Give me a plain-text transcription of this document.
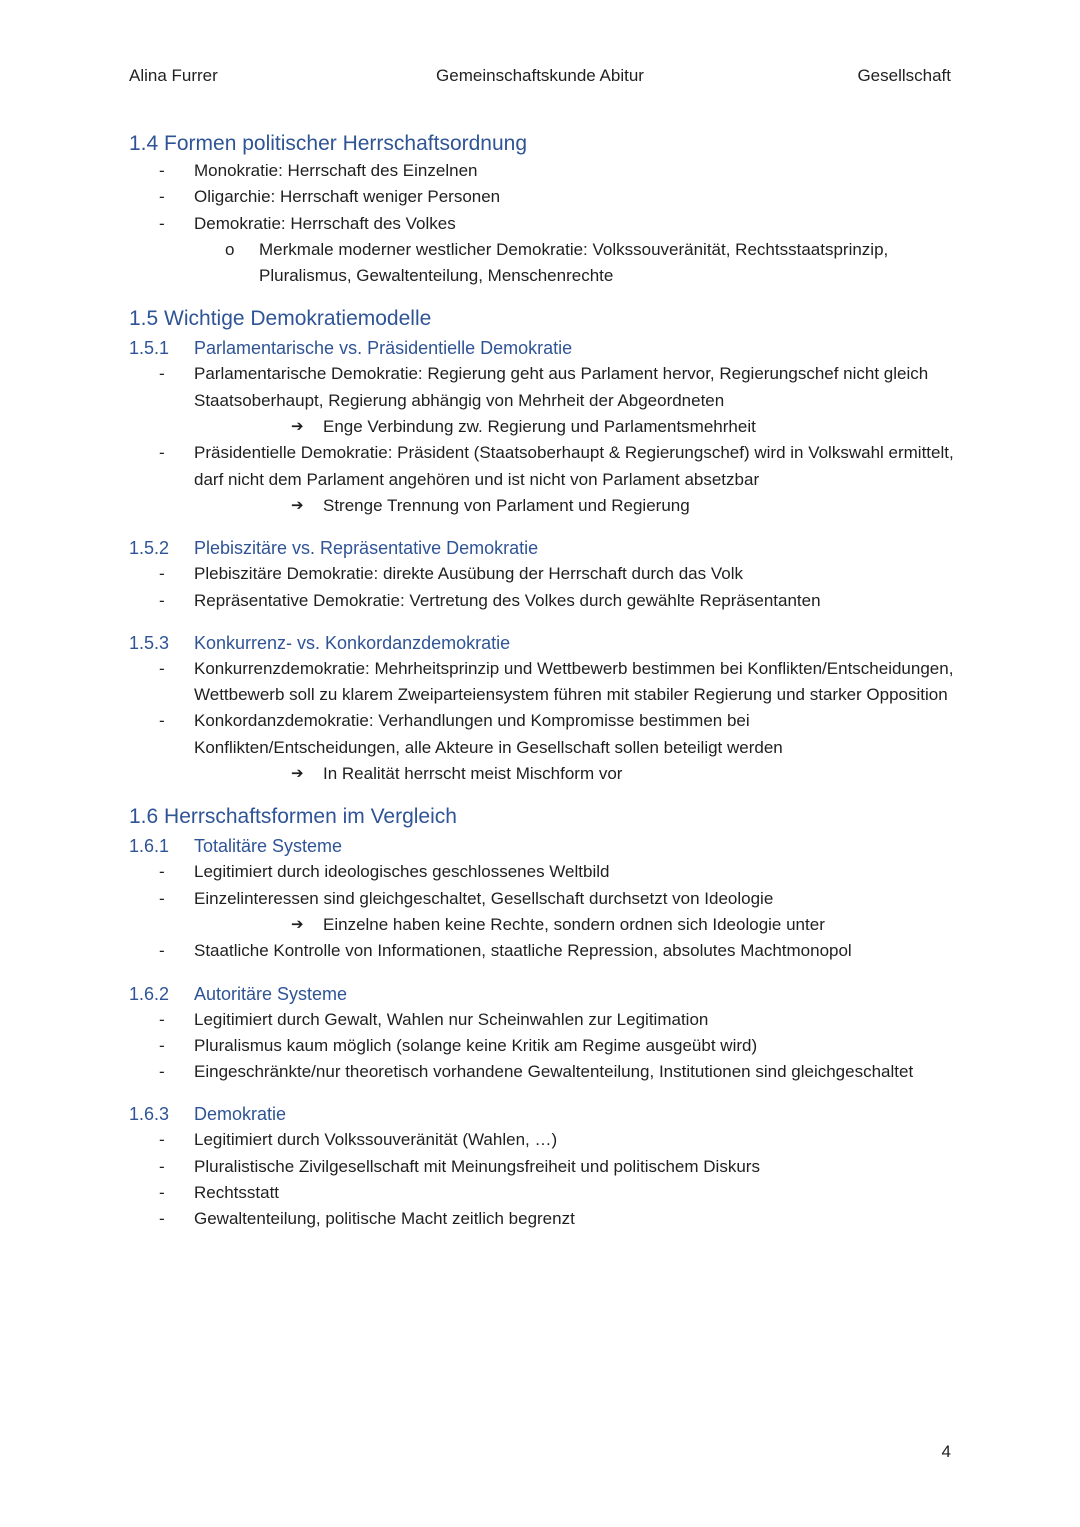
Alina Furrer	Gemeinschaftskunde Abitur	Gesellschaft

1.4 Formen politischer Herrschaftsordnung

-	Monokratie: Herrschaft des Einzelnen
-	Oligarchie: Herrschaft weniger Personen
-	Demokratie: Herrschaft des Volkes
o	Merkmale moderner westlicher Demokratie: Volkssouveränität, Rechtsstaatsprinzip, Pluralismus, Gewaltenteilung, Menschenrechte

1.5 Wichtige Demokratiemodelle

1.5.1	Parlamentarische vs. Präsidentielle Demokratie
-	Parlamentarische Demokratie: Regierung geht aus Parlament hervor, Regierungschef nicht gleich Staatsoberhaupt, Regierung abhängig von Mehrheit der Abgeordneten
➔	Enge Verbindung zw. Regierung und Parlamentsmehrheit
-	Präsidentielle Demokratie: Präsident (Staatsoberhaupt & Regierungschef) wird in Volkswahl ermittelt, darf nicht dem Parlament angehören und ist nicht von Parlament absetzbar
➔	Strenge Trennung von Parlament und Regierung
1.5.2	Plebiszitäre vs. Repräsentative Demokratie
-	Plebiszitäre Demokratie: direkte Ausübung der Herrschaft durch das Volk
-	Repräsentative Demokratie: Vertretung des Volkes durch gewählte Repräsentanten
1.5.3	Konkurrenz- vs. Konkordanzdemokratie
-	Konkurrenzdemokratie: Mehrheitsprinzip und Wettbewerb bestimmen bei Konflikten/Entscheidungen, Wettbewerb soll zu klarem Zweiparteiensystem führen mit stabiler Regierung und starker Opposition
-	Konkordanzdemokratie: Verhandlungen und Kompromisse bestimmen bei Konflikten/Entscheidungen, alle Akteure in Gesellschaft sollen beteiligt werden
➔	In Realität herrscht meist Mischform vor

1.6 Herrschaftsformen im Vergleich

1.6.1	Totalitäre Systeme
-	Legitimiert durch ideologisches geschlossenes Weltbild
-	Einzelinteressen sind gleichgeschaltet, Gesellschaft durchsetzt von Ideologie
➔	Einzelne haben keine Rechte, sondern ordnen sich Ideologie unter
-	Staatliche Kontrolle von Informationen, staatliche Repression, absolutes Machtmonopol
1.6.2	Autoritäre Systeme
-	Legitimiert durch Gewalt, Wahlen nur Scheinwahlen zur Legitimation
-	Pluralismus kaum möglich (solange keine Kritik am Regime ausgeübt wird)
-	Eingeschränkte/nur theoretisch vorhandene Gewaltenteilung, Institutionen sind gleichgeschaltet
1.6.3	Demokratie
-	Legitimiert durch Volkssouveränität (Wahlen, …)
-	Pluralistische Zivilgesellschaft mit Meinungsfreiheit und politischem Diskurs
-	Rechtsstatt
-	Gewaltenteilung, politische Macht zeitlich begrenzt
4
